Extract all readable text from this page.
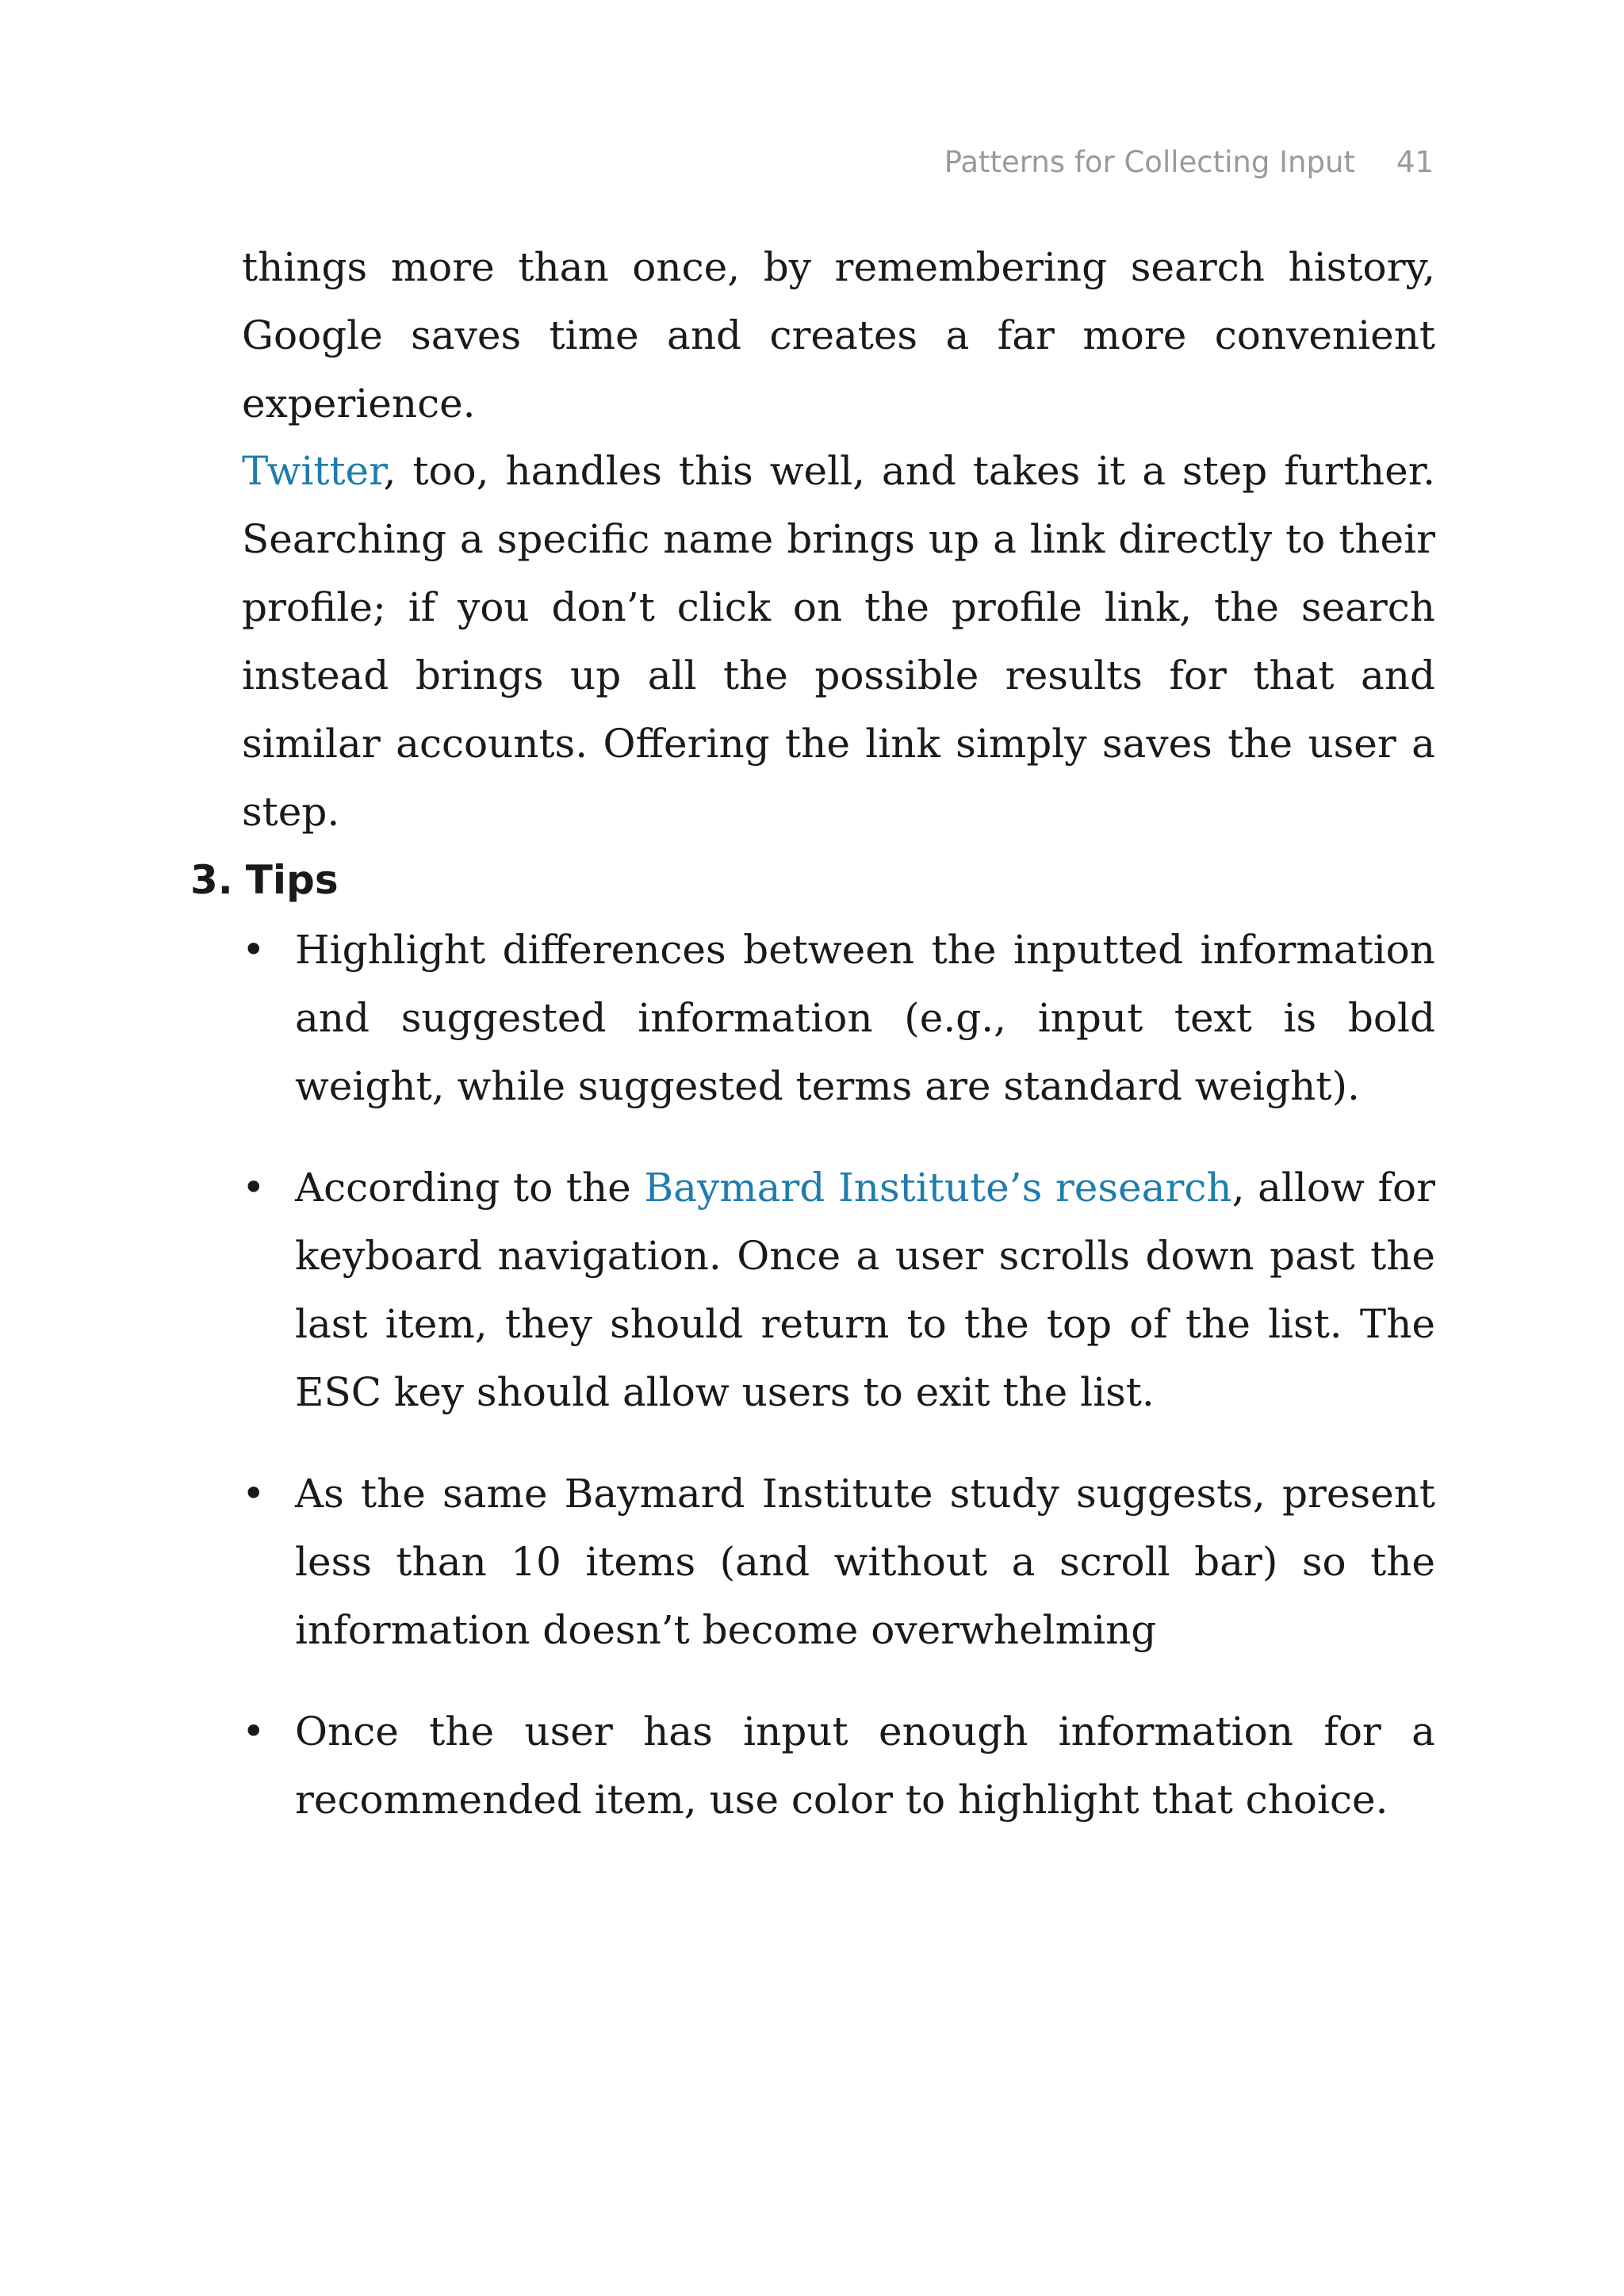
Patterns for Collecting Input 41

things more than once, by remembering search history, Google saves time and creates a far more convenient experience.

Twitter, too, handles this well, and takes it a step further. Searching a specific name brings up a link directly to their profile; if you don’t click on the profile link, the search instead brings up all the possible results for that and similar accounts. Offering the link simply saves the user a step.

3. Tips
• Highlight differences between the inputted information and suggested information (e.g., input text is bold weight, while suggested terms are standard weight).
• According to the Baymard Institute’s research, allow for keyboard navigation. Once a user scrolls down past the last item, they should return to the top of the list. The ESC key should allow users to exit the list.
• As the same Baymard Institute study suggests, present less than 10 items (and without a scroll bar) so the information doesn’t become overwhelming
• Once the user has input enough information for a recommended item, use color to highlight that choice.
